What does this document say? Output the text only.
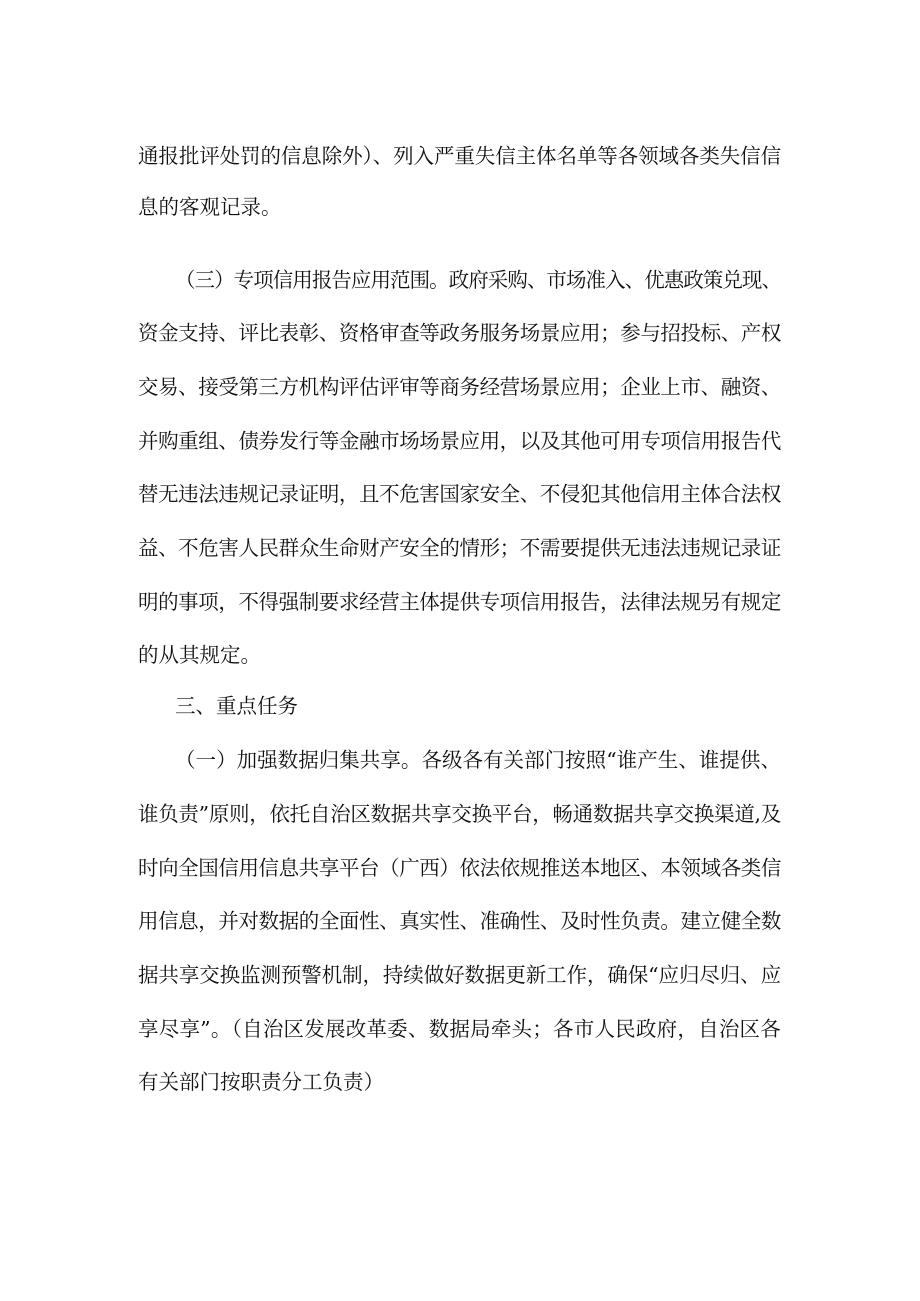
通报批评处罚的信息除外）、列入严重失信主体名单等各领域各类失信信
息的客观记录。
（三）专项信用报告应用范围。政府采购、市场准入、优惠政策兑现、
资金支持、评比表彰、资格审查等政务服务场景应用；参与招投标、产权
交易、接受第三方机构评估评审等商务经营场景应用；企业上市、融资、
并购重组、债券发行等金融市场场景应用，以及其他可用专项信用报告代
替无违法违规记录证明，且不危害国家安全、不侵犯其他信用主体合法权
益、不危害人民群众生命财产安全的情形；不需要提供无违法违规记录证
明的事项，不得强制要求经营主体提供专项信用报告，法律法规另有规定
的从其规定。
三、重点任务
（一）加强数据归集共享。各级各有关部门按照“谁产生、谁提供、
谁负责”原则，依托自治区数据共享交换平台，畅通数据共享交换渠道,及
时向全国信用信息共享平台（广西）依法依规推送本地区、本领域各类信
用信息，并对数据的全面性、真实性、准确性、及时性负责。建立健全数
据共享交换监测预警机制，持续做好数据更新工作，确保“应归尽归、应
享尽享”。（自治区发展改革委、数据局牵头；各市人民政府，自治区各
有关部门按职责分工负责）
